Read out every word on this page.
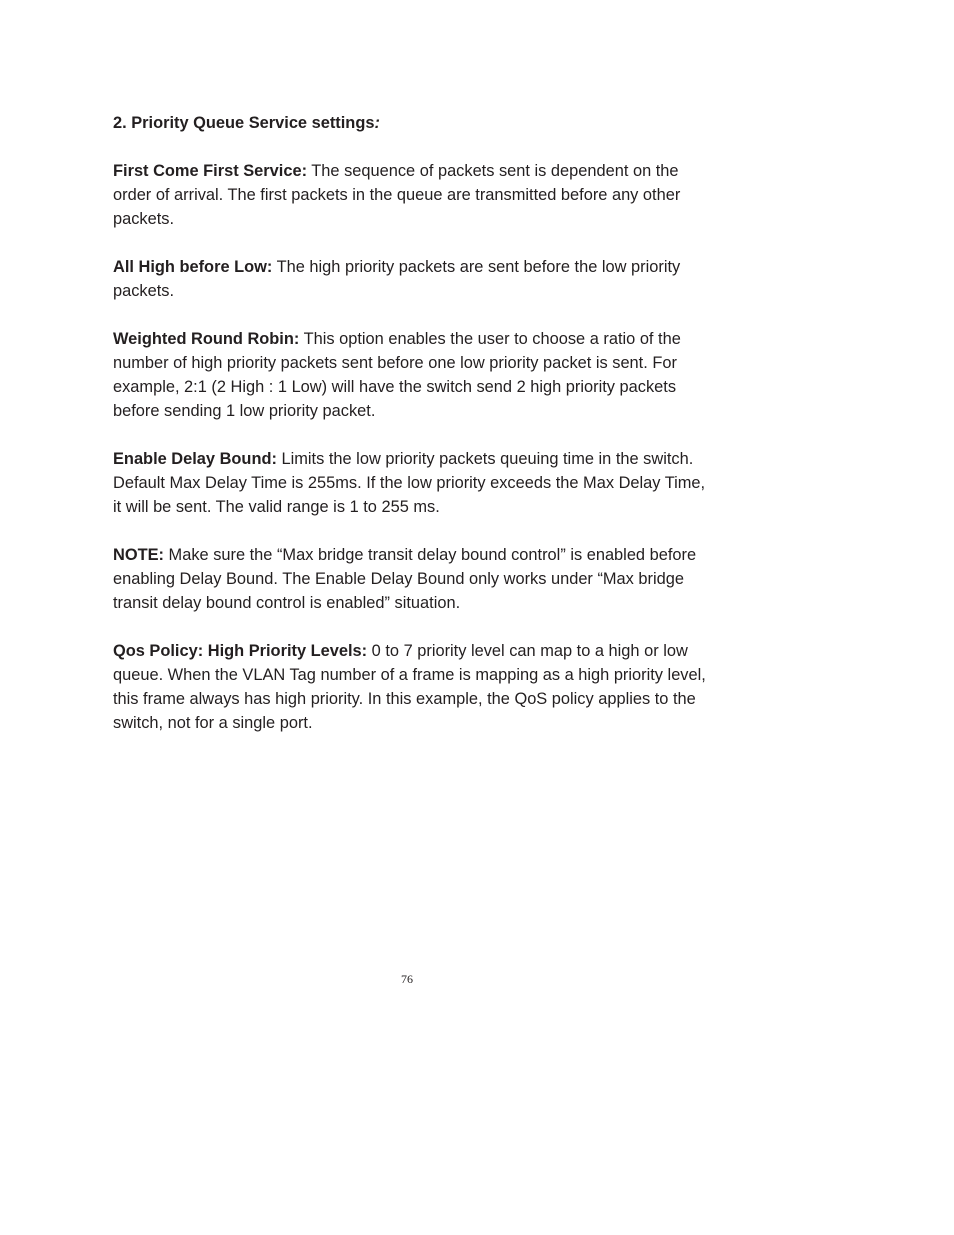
2. Priority Queue Service settings:

First Come First Service: The sequence of packets sent is dependent on the order of arrival. The first packets in the queue are transmitted before any other packets.

All High before Low: The high priority packets are sent before the low priority packets.

Weighted Round Robin: This option enables the user to choose a ratio of the number of high priority packets sent before one low priority packet is sent. For example, 2:1 (2 High : 1 Low) will have the switch send 2 high priority packets before sending 1 low priority packet.

Enable Delay Bound: Limits the low priority packets queuing time in the switch. Default Max Delay Time is 255ms. If the low priority exceeds the Max Delay Time, it will be sent. The valid range is 1 to 255 ms.

NOTE: Make sure the “Max bridge transit delay bound control” is enabled before enabling Delay Bound. The Enable Delay Bound only works under “Max bridge transit delay bound control is enabled” situation.

Qos Policy: High Priority Levels: 0 to 7 priority level can map to a high or low queue. When the VLAN Tag number of a frame is mapping as a high priority level, this frame always has high priority. In this example, the QoS policy applies to the switch, not for a single port.

76
